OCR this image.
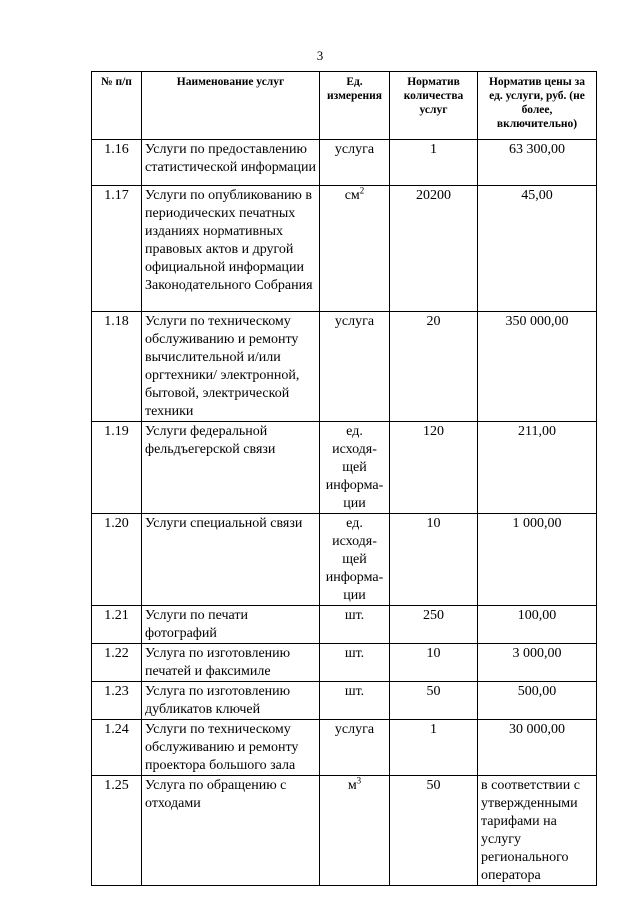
3
№ п/п	Наименование услуг	Ед. измерения	Норматив количества услуг	Норматив цены за ед. услуги, руб. (не более, включительно)
1.16	Услуги по предоставлению статистической информации	услуга	1	63 300,00
1.17	Услуги по опубликованию в периодических печатных изданиях нормативных правовых актов и другой официальной информации Законодательного Собрания	$см^2$	20200	45,00
1.18	Услуги по техническому обслуживанию и ремонту вычислительной и/или оргтехники/ электронной, бытовой, электрической техники	услуга	20	350 000,00
1.19	Услуги федеральной фельдъегерской связи	ед. исходя-щей информа-ции	120	211,00
1.20	Услуги специальной связи	ед. исходя-щей информа-ции	10	1 000,00
1.21	Услуги по печати фотографий	шт.	250	100,00
1.22	Услуга по изготовлению печатей и факсимиле	шт.	10	3 000,00
1.23	Услуга по изготовлению дубликатов ключей	шт.	50	500,00
1.24	Услуги по техническому обслуживанию и ремонту проектора большого зала	услуга	1	30 000,00
1.25	Услуга по обращению с отходами	$м^3$	50	в соответствии с утвержденными тарифами на услугу регионального оператора
